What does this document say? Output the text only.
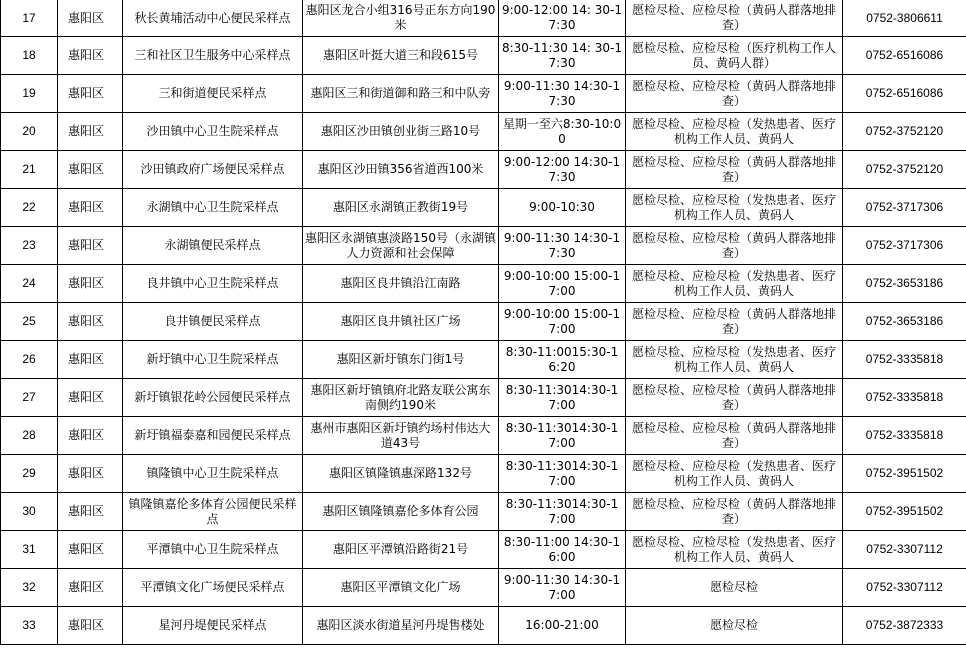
17	惠阳区	秋长黄埔活动中心便民采样点	惠阳区龙合小组316号正东方向190米	9:00-12:00 14: 30-17:30	愿检尽检、应检尽检（黄码人群落地排查）	0752-3806611
18	惠阳区	三和社区卫生服务中心采样点	惠阳区叶挺大道三和段615号	8:30-11:30 14: 30-17:30	愿检尽检、应检尽检（医疗机构工作人员、黄码人群）	0752-6516086
19	惠阳区	三和街道便民采样点	惠阳区三和街道御和路三和中队旁	9:00-11:30 14:30-17:30	愿检尽检、应检尽检（黄码人群落地排查）	0752-6516086
20	惠阳区	沙田镇中心卫生院采样点	惠阳区沙田镇创业街三路10号	星期一至六8:30-10:00	愿检尽检、应检尽检（发热患者、医疗机构工作人员、黄码人	0752-3752120
21	惠阳区	沙田镇政府广场便民采样点	惠阳区沙田镇356省道西100米	9:00-12:00 14:30-17:30	愿检尽检、应检尽检（黄码人群落地排查）	0752-3752120
22	惠阳区	永湖镇中心卫生院采样点	惠阳区永湖镇正教街19号	9:00-10:30	愿检尽检、应检尽检（发热患者、医疗机构工作人员、黄码人	0752-3717306
23	惠阳区	永湖镇便民采样点	惠阳区永湖镇惠淡路150号（永湖镇人力资源和社会保障	9:00-11:30 14:30-17:30	愿检尽检、应检尽检（黄码人群落地排查）	0752-3717306
24	惠阳区	良井镇中心卫生院采样点	惠阳区良井镇沿江南路	9:00-10:00 15:00-17:00	愿检尽检、应检尽检（发热患者、医疗机构工作人员、黄码人	0752-3653186
25	惠阳区	良井镇便民采样点	惠阳区良井镇社区广场	9:00-10:00 15:00-17:00	愿检尽检、应检尽检（黄码人群落地排查）	0752-3653186
26	惠阳区	新圩镇中心卫生院采样点	惠阳区新圩镇东门街1号	8:30-11:0015:30-16:20	愿检尽检、应检尽检（发热患者、医疗机构工作人员、黄码人	0752-3335818
27	惠阳区	新圩镇银花岭公园便民采样点	惠阳区新圩镇镇府北路友联公寓东南侧约190米	8:30-11:3014:30-17:00	愿检尽检、应检尽检（黄码人群落地排查）	0752-3335818
28	惠阳区	新圩镇福泰嘉和园便民采样点	惠州市惠阳区新圩镇约场村伟达大道43号	8:30-11:3014:30-17:00	愿检尽检、应检尽检（黄码人群落地排查）	0752-3335818
29	惠阳区	镇隆镇中心卫生院采样点	惠阳区镇隆镇惠深路132号	8:30-11:3014:30-17:00	愿检尽检、应检尽检（发热患者、医疗机构工作人员、黄码人	0752-3951502
30	惠阳区	镇隆镇嘉伦多体育公园便民采样点	惠阳区镇隆镇嘉伦多体育公园	8:30-11:3014:30-17:00	愿检尽检、应检尽检（黄码人群落地排查）	0752-3951502
31	惠阳区	平潭镇中心卫生院采样点	惠阳区平潭镇沿路街21号	8:30-11:00 14:30-16:00	愿检尽检、应检尽检（发热患者、医疗机构工作人员、黄码人	0752-3307112
32	惠阳区	平潭镇文化广场便民采样点	惠阳区平潭镇文化广场	9:00-11:30 14:30-17:00	愿检尽检	0752-3307112
33	惠阳区	星河丹堤便民采样点	惠阳区淡水街道星河丹堤售楼处	16:00-21:00	愿检尽检	0752-3872333
